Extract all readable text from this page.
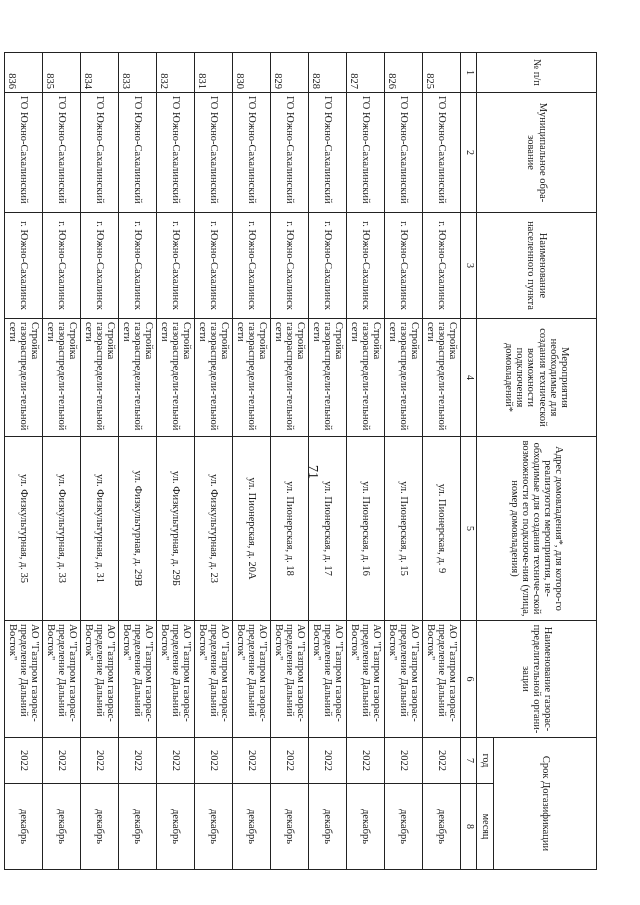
71
№ п/п	Муниципальное обра-зование	Наименование населенного пункта	Мероприятия необходимые для создания технической возможности подключения домовладений*	Адрес домовладения*, для которо-го реализуются мероприятия, не-обходимые для создания техниче-ской возможности его подключе-ния (улица, номер домовладения)	Наименование газорас-пределительной органи-зации	Срок Догазификации	
						год	месяц
1	2	3	4	5	6	7	8
825	ГО Южно-Сахалинский	г. Южно-Сахалинск	Стройка газораспредели-тельной сети	ул. Пионерская, д. 9	АО "Газпром газорас-пределение Дальний Восток"	2022	декабрь
826	ГО Южно-Сахалинский	г. Южно-Сахалинск	Стройка газораспредели-тельной сети	ул. Пионерская, д. 15	АО "Газпром газорас-пределение Дальний Восток"	2022	декабрь
827	ГО Южно-Сахалинский	г. Южно-Сахалинск	Стройка газораспредели-тельной сети	ул. Пионерская, д. 16	АО "Газпром газорас-пределение Дальний Восток"	2022	декабрь
828	ГО Южно-Сахалинский	г. Южно-Сахалинск	Стройка газораспредели-тельной сети	ул. Пионерская, д. 17	АО "Газпром газорас-пределение Дальний Восток"	2022	декабрь
829	ГО Южно-Сахалинский	г. Южно-Сахалинск	Стройка газораспредели-тельной сети	ул. Пионерская, д. 18	АО "Газпром газорас-пределение Дальний Восток"	2022	декабрь
830	ГО Южно-Сахалинский	г. Южно-Сахалинск	Стройка газораспредели-тельной сети	ул. Пионерская, д. 20А	АО "Газпром газорас-пределение Дальний Восток"	2022	декабрь
831	ГО Южно-Сахалинский	г. Южно-Сахалинск	Стройка газораспредели-тельной сети	ул. Физкультурная, д. 23	АО "Газпром газорас-пределение Дальний Восток"	2022	декабрь
832	ГО Южно-Сахалинский	г. Южно-Сахалинск	Стройка газораспредели-тельной сети	ул. Физкультурная, д. 29Б	АО "Газпром газорас-пределение Дальний Восток"	2022	декабрь
833	ГО Южно-Сахалинский	г. Южно-Сахалинск	Стройка газораспредели-тельной сети	ул. Физкультурная, д. 29В	АО "Газпром газорас-пределение Дальний Восток"	2022	декабрь
834	ГО Южно-Сахалинский	г. Южно-Сахалинск	Стройка газораспредели-тельной сети	ул. Физкультурная, д. 31	АО "Газпром газорас-пределение Дальний Восток"	2022	декабрь
835	ГО Южно-Сахалинский	г. Южно-Сахалинск	Стройка газораспредели-тельной сети	ул. Физкультурная, д. 33	АО "Газпром газорас-пределение Дальний Восток"	2022	декабрь
836	ГО Южно-Сахалинский	г. Южно-Сахалинск	Стройка газораспредели-тельной сети	ул. Физкультурная, д. 35	АО "Газпром газорас-пределение Дальний Восток"	2022	декабрь
